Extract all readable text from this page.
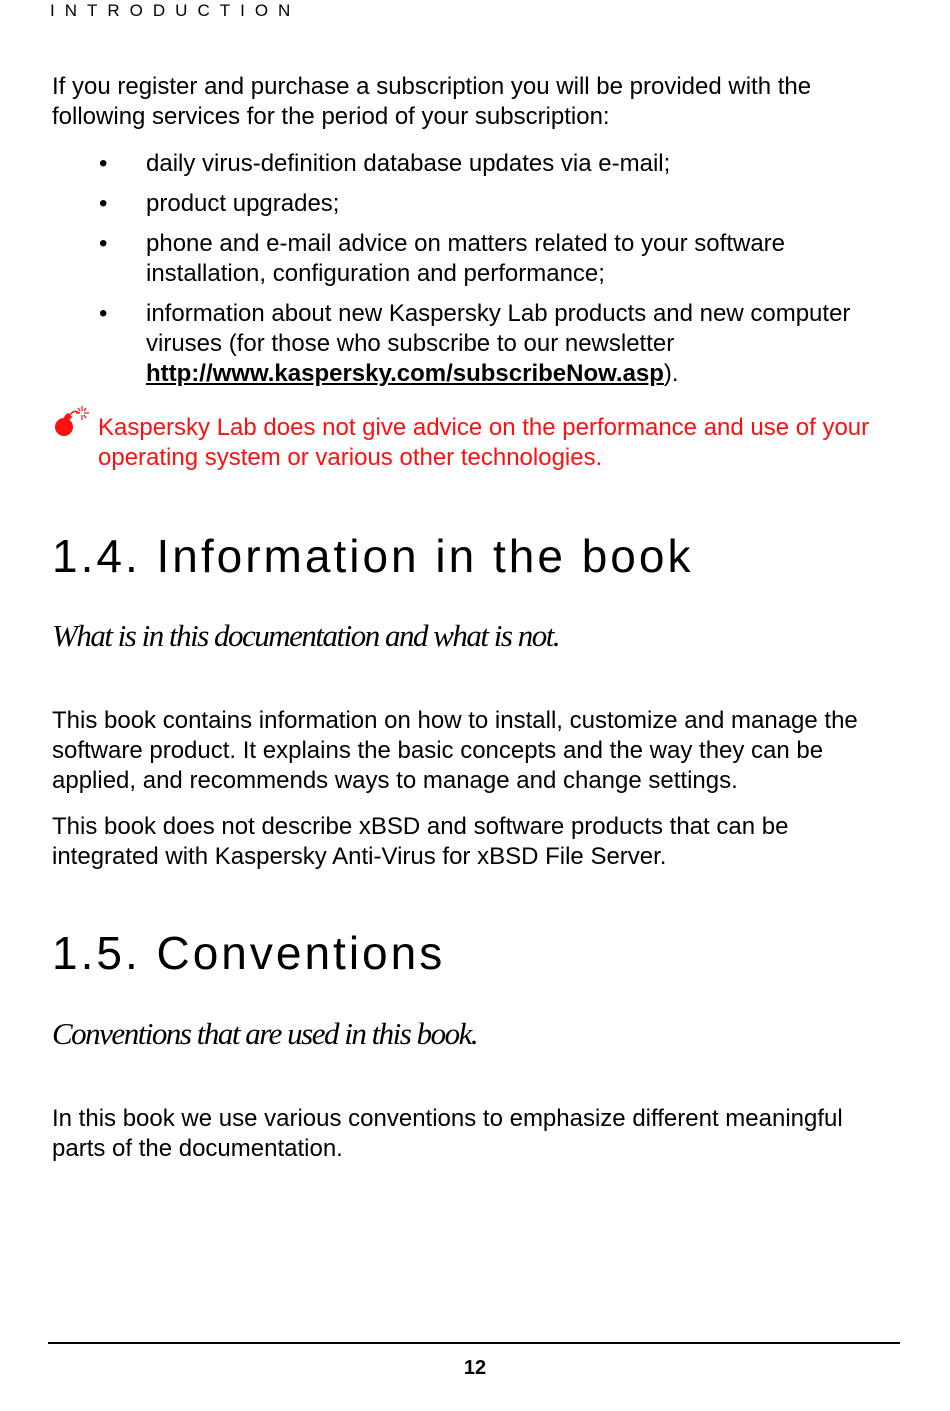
INTRODUCTION

If you register and purchase a subscription you will be provided with the following services for the period of your subscription:

• daily virus-definition database updates via e-mail;
• product upgrades;
• phone and e-mail advice on matters related to your software installation, configuration and performance;
• information about new Kaspersky Lab products and new computer viruses (for those who subscribe to our newsletter http://www.kaspersky.com/subscribeNow.asp).
Kaspersky Lab does not give advice on the performance and use of your operating system or various other technologies.
1.4. Information in the book

What is in this documentation and what is not.

This book contains information on how to install, customize and manage the software product. It explains the basic concepts and the way they can be applied, and recommends ways to manage and change settings.

This book does not describe xBSD and software products that can be integrated with Kaspersky Anti-Virus for xBSD File Server.

1.5. Conventions

Conventions that are used in this book.

In this book we use various conventions to emphasize different meaningful parts of the documentation.

12
